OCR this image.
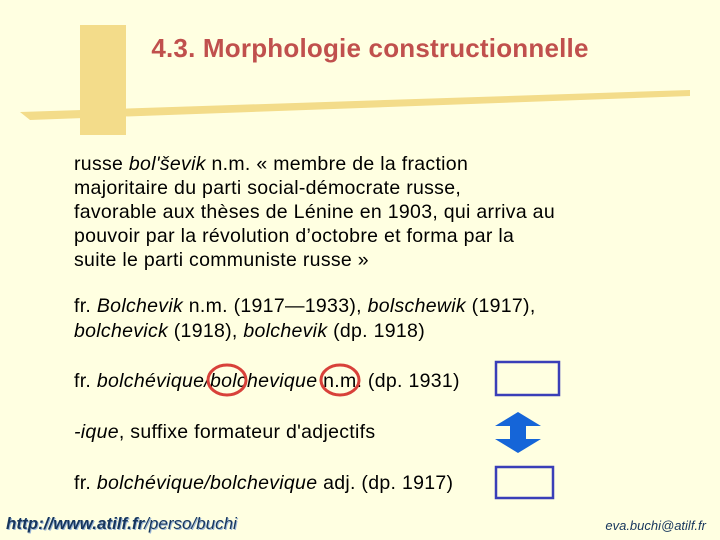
4.3. Morphologie constructionnelle
russe bol'ševik n.m. « membre de la fraction
majoritaire du parti social-démocrate russe,
favorable aux thèses de Lénine en 1903, qui arriva au
pouvoir par la révolution d’octobre et forma par la
suite le parti communiste russe »
fr. Bolchevik n.m. (1917—1933), bolschewik (1917),
bolchevick (1918), bolchevik (dp. 1918)
fr. bolchévique/bolchevique n.m. (dp. 1931)
-ique, suffixe formateur d'adjectifs
fr. bolchévique/bolchevique adj. (dp. 1917)
http://www.atilf.fr/perso/buchi	eva.buchi@atilf.fr
